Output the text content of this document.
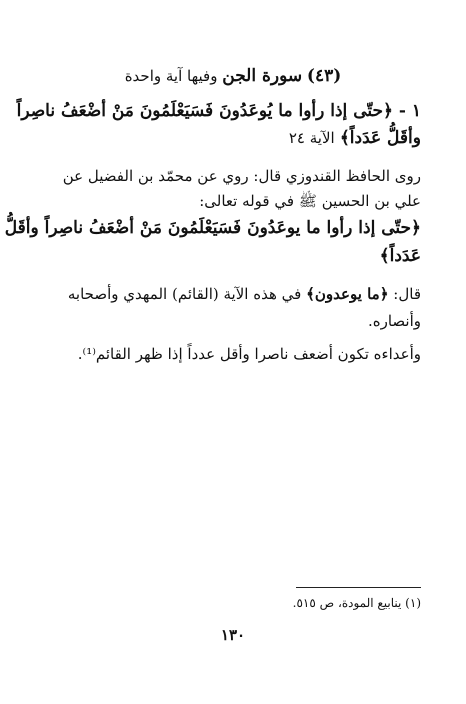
(٤٣) سورة الجن وفيها آية واحدة
١ - ﴿حتّى إذا رأوا ما يُوعَدُونَ فَسَيَعْلَمُونَ مَنْ أضْعَفُ ناصِراً
وأقَلُّ عَدَداً﴾ الآية ٢٤
روى الحافظ القندوزي قال: روي عن محمّد بن الفضيل عن
علي بن الحسين ﷺ في قوله تعالى:
﴿حتّى إذا رأوا ما يوعَدُونَ فَسَيَعْلَمُونَ مَنْ أضْعَفُ ناصِراً وأقَلُّ
عَدَداً﴾
قال: ﴿ما يوعدون﴾ في هذه الآية (القائم) المهدي وأصحابه
وأنصاره.
وأعداءه تكون أضعف ناصرا وأقل عدداً إذا ظهر القائم⁽¹⁾.
(١) ينابيع المودة، ص ٥١٥.
١٣٠
